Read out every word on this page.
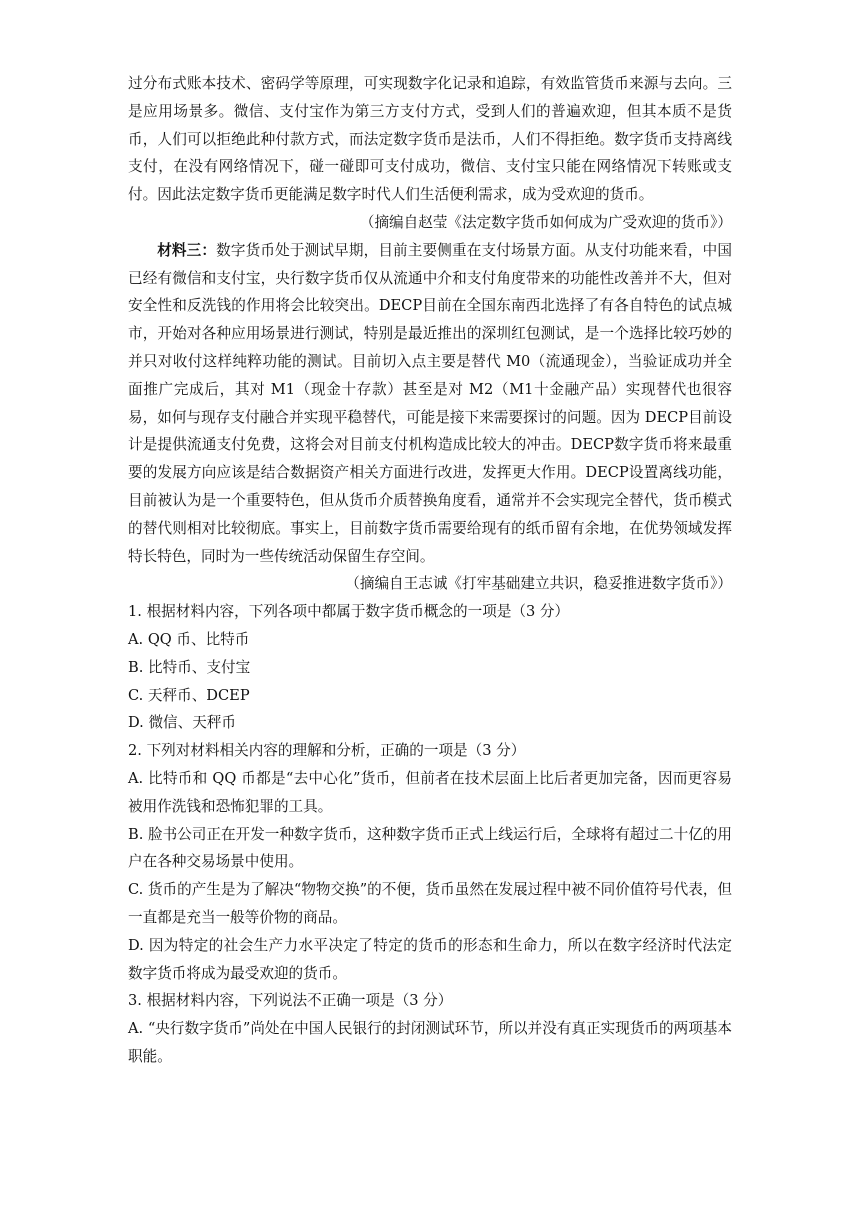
过分布式账本技术、密码学等原理，可实现数字化记录和追踪，有效监管货币来源与去向。三是应用场景多。微信、支付宝作为第三方支付方式，受到人们的普遍欢迎，但其本质不是货币，人们可以拒绝此种付款方式，而法定数字货币是法币，人们不得拒绝。数字货币支持离线支付，在没有网络情况下，碰一碰即可支付成功，微信、支付宝只能在网络情况下转账或支付。因此法定数字货币更能满足数字时代人们生活便利需求，成为受欢迎的货币。

（摘编自赵莹《法定数字货币如何成为广受欢迎的货币》）

材料三：数字货币处于测试早期，目前主要侧重在支付场景方面。从支付功能来看，中国已经有微信和支付宝，央行数字货币仅从流通中介和支付角度带来的功能性改善并不大，但对安全性和反洗钱的作用将会比较突出。DECP目前在全国东南西北选择了有各自特色的试点城市，开始对各种应用场景进行测试，特别是最近推出的深圳红包测试，是一个选择比较巧妙的并只对收付这样纯粹功能的测试。目前切入点主要是替代 M0（流通现金），当验证成功并全面推广完成后，其对 M1（现金十存款）甚至是对 M2（M1十金融产品）实现替代也很容易，如何与现存支付融合并实现平稳替代，可能是接下来需要探讨的问题。因为 DECP目前设计是提供流通支付免费，这将会对目前支付机构造成比较大的冲击。DECP数字货币将来最重要的发展方向应该是结合数据资产相关方面进行改进，发挥更大作用。DECP设置离线功能，目前被认为是一个重要特色，但从货币介质替换角度看，通常并不会实现完全替代，货币模式的替代则相对比较彻底。事实上，目前数字货币需要给现有的纸币留有余地，在优势领域发挥特长特色，同时为一些传统活动保留生存空间。

（摘编自王志诚《打牢基础建立共识，稳妥推进数字货币》）

1. 根据材料内容，下列各项中都属于数字货币概念的一项是（3 分）

A. QQ 币、比特币

B. 比特币、支付宝

C. 天秤币、DCEP

D. 微信、天秤币

2. 下列对材料相关内容的理解和分析，正确的一项是（3 分）

A. 比特币和 QQ 币都是“去中心化”货币，但前者在技术层面上比后者更加完备，因而更容易被用作洗钱和恐怖犯罪的工具。

B. 脸书公司正在开发一种数字货币，这种数字货币正式上线运行后，全球将有超过二十亿的用户在各种交易场景中使用。

C. 货币的产生是为了解决“物物交换”的不便，货币虽然在发展过程中被不同价值符号代表，但一直都是充当一般等价物的商品。

D. 因为特定的社会生产力水平决定了特定的货币的形态和生命力，所以在数字经济时代法定数字货币将成为最受欢迎的货币。

3. 根据材料内容，下列说法不正确一项是（3 分）

A. “央行数字货币”尚处在中国人民银行的封闭测试环节，所以并没有真正实现货币的两项基本职能。
